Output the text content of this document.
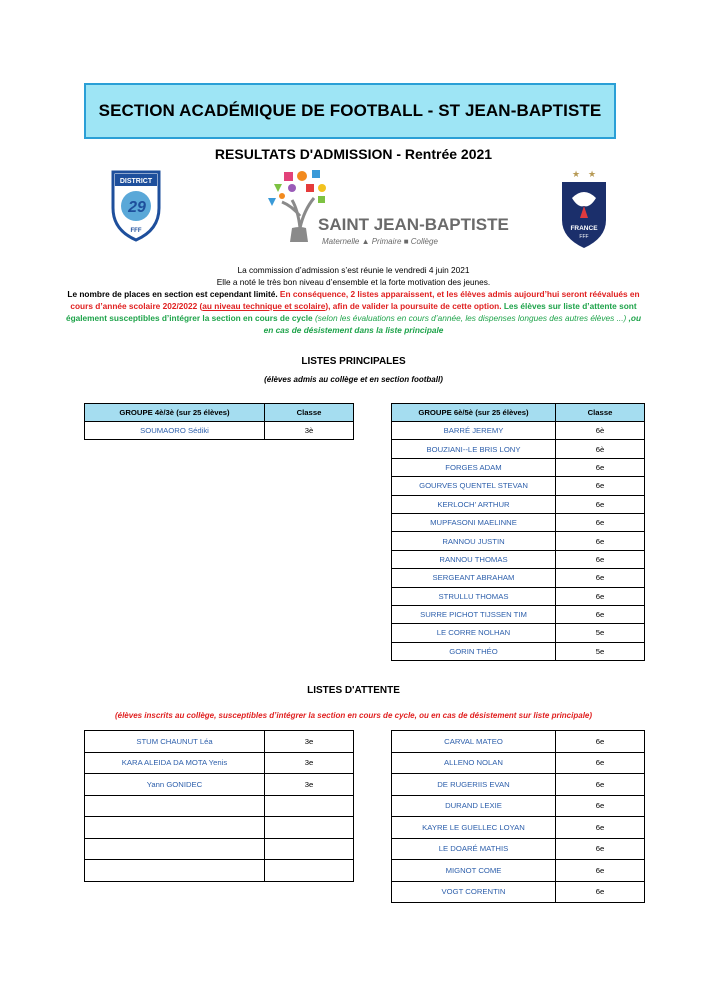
SECTION ACADÉMIQUE DE FOOTBALL - ST JEAN-BAPTISTE
RESULTATS D'ADMISSION - Rentrée 2021
DISTRICT
29
FFF	SAINT JEAN-BAPTISTE
Maternelle ▲ Primaire ■ Collège
★ ★
FRANCE
FFF
La commission d’admission s’est réunie le vendredi 4 juin 2021
Elle a noté le très bon niveau d’ensemble et la forte motivation des jeunes.
Le nombre de places en section est cependant limité. En conséquence, 2 listes apparaissent, et les élèves admis aujourd’hui seront réévalués en cours d’année scolaire 202/2022 (au niveau technique et scolaire), afin de valider la poursuite de cette option. Les élèves sur liste d’attente sont également susceptibles d’intégrer la section en cours de cycle (selon les évaluations en cours d’année, les dispenses longues des autres élèves ...) ,ou en cas de désistement dans la liste principale
LISTES PRINCIPALES
(élèves admis au collège et en section football)
GROUPE 4è/3è (sur 25 élèves)	Classe
SOUMAORO Sédiki	3è
GROUPE 6è/5è (sur 25 élèves)	Classe
BARRÉ JEREMY	6è
BOUZIANI--LE BRIS LONY	6è
FORGES ADAM	6e
GOURVES QUENTEL STEVAN	6e
KERLOCH’ ARTHUR	6e
MUPFASONI MAELINNE	6e
RANNOU JUSTIN	6e
RANNOU THOMAS	6e
SERGEANT ABRAHAM	6e
STRULLU THOMAS	6e
SURRE PICHOT TIJSSEN TIM	6e
LE CORRE NOLHAN	5e
GORIN THÉO	5e
LISTES D'ATTENTE
(élèves inscrits au collège, susceptibles d’intégrer la section en cours de cycle, ou en cas de désistement sur liste principale)
STUM CHAUNUT Léa	3e
KARA ALEIDA DA MOTA Yenis	3e
Yann GONIDEC	3e

CARVAL MATEO	6e
ALLENO NOLAN	6e
DE RUGERIIS EVAN	6e
DURAND LEXIE	6e
KAYRE LE GUELLEC LOYAN	6e
LE DOARÉ MATHIS	6e
MIGNOT COME	6e
VOGT CORENTIN	6e
